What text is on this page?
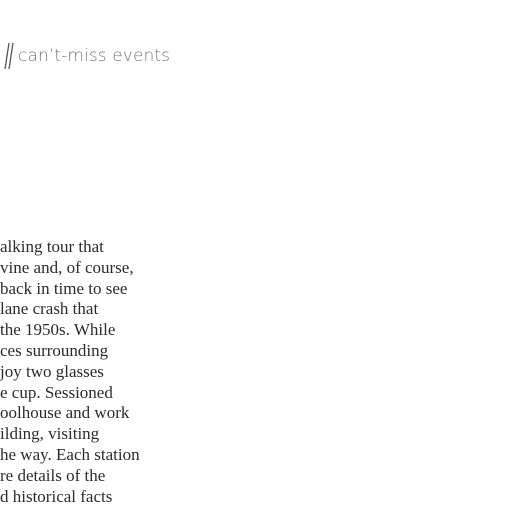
can’t-miss events

alking tour that

vine and, of course,

back in time to see

lane crash that

the 1950s. While

ces surrounding

joy two glasses

e cup. Sessioned

oolhouse and work

ilding, visiting

he way. Each station

re details of the

d historical facts
